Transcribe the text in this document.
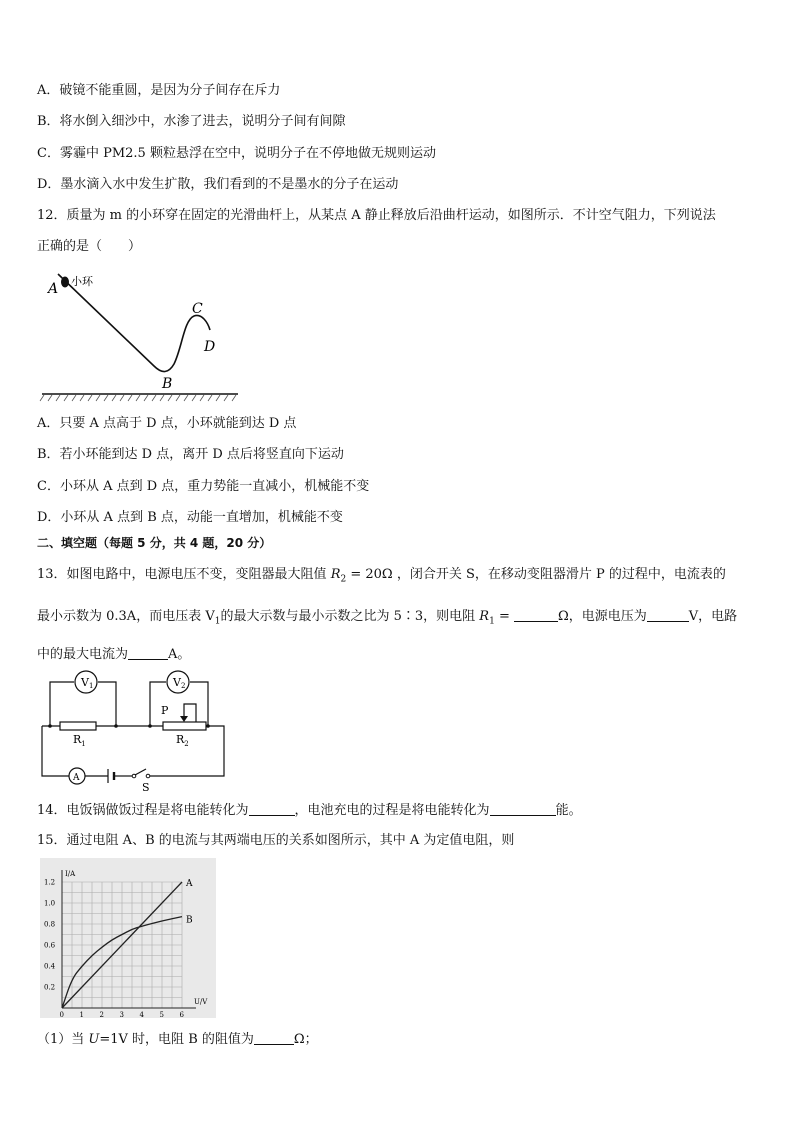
A．破镜不能重圆，是因为分子间存在斥力
B．将水倒入细沙中，水渗了进去，说明分子间有间隙
C．雾霾中 PM2.5 颗粒悬浮在空中，说明分子在不停地做无规则运动
D．墨水滴入水中发生扩散，我们看到的不是墨水的分子在运动
12．质量为 m 的小环穿在固定的光滑曲杆上，从某点 A 静止释放后沿曲杆运动，如图所示．不计空气阻力，下列说法
正确的是（　　）
A 小环
B
C
D
A．只要 A 点高于 D 点，小环就能到达 D 点
B．若小环能到达 D 点，离开 D 点后将竖直向下运动
C．小环从 A 点到 D 点，重力势能一直减小，机械能不变
D．小环从 A 点到 B 点，动能一直增加，机械能不变
二、填空题（每题 5 分，共 4 题，20 分）
13．如图电路中，电源电压不变，变阻器最大阻值 $R_2 = 20\Omega$ ，闭合开关 S，在移动变阻器滑片 P 的过程中，电流表的
最小示数为 0.3A，而电压表 $V_1$的最大示数与最小示数之比为 5∶3，则电阻 $R_1$ =	Ω，电源电压为	V，电路
中的最大电流为	A。
V1	V2
P
$R_1$	$R_2$
A
S
14．电饭锅做饭过程是将电能转化为	，电池充电的过程是将电能转化为	能。
15．通过电阻 A、B 的电流与其两端电压的关系如图所示，其中 A 为定值电阻，则
A
B
0 1 2 3 4 5 6
0.2
0.4
0.6
0.8
1.0
1.2
I/A
U/V
（1）当 U=1V 时，电阻 B 的阻值为	Ω；
